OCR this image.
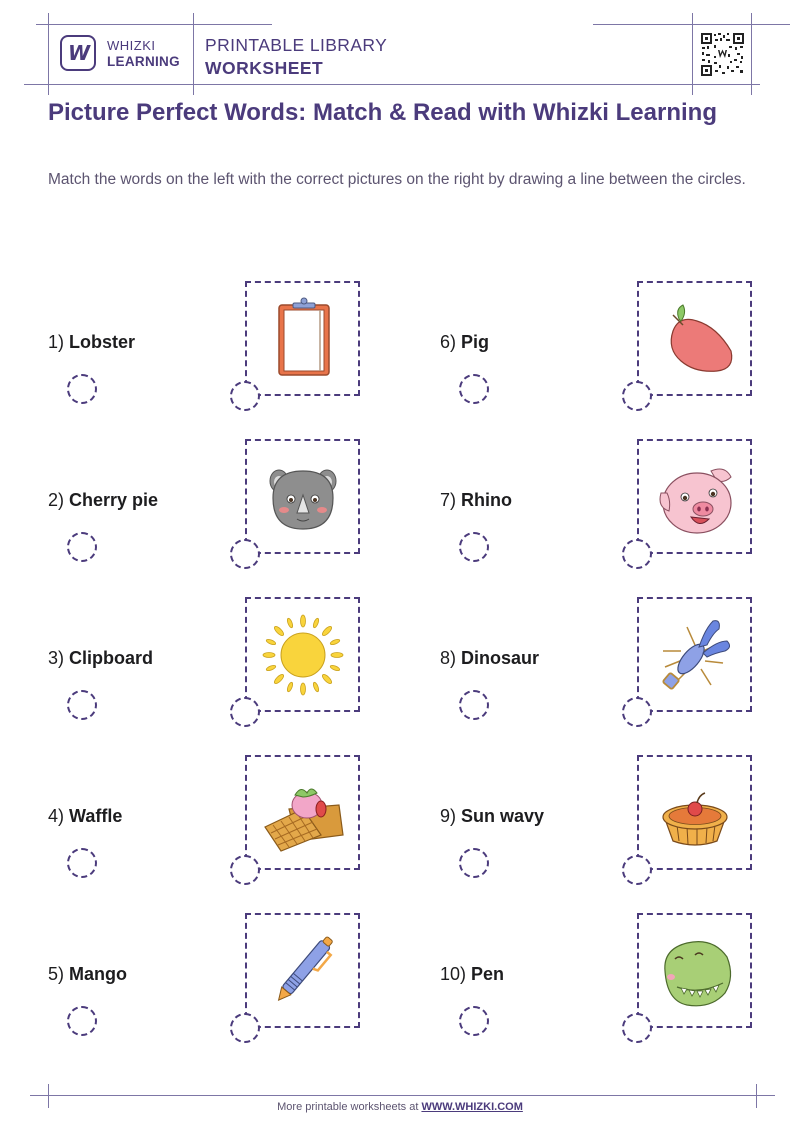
W WHIZKI
LEARNING
PRINTABLE LIBRARY
WORKSHEET
Picture Perfect Words: Match & Read with Whizki Learning
Match the words on the left with the correct pictures on the right by drawing a line between the circles.
1) Lobster
2) Cherry pie
3) Clipboard
4) Waffle
5) Mango
6) Pig
7) Rhino
8) Dinosaur
9) Sun wavy
10) Pen
More printable worksheets at WWW.WHIZKI.COM
